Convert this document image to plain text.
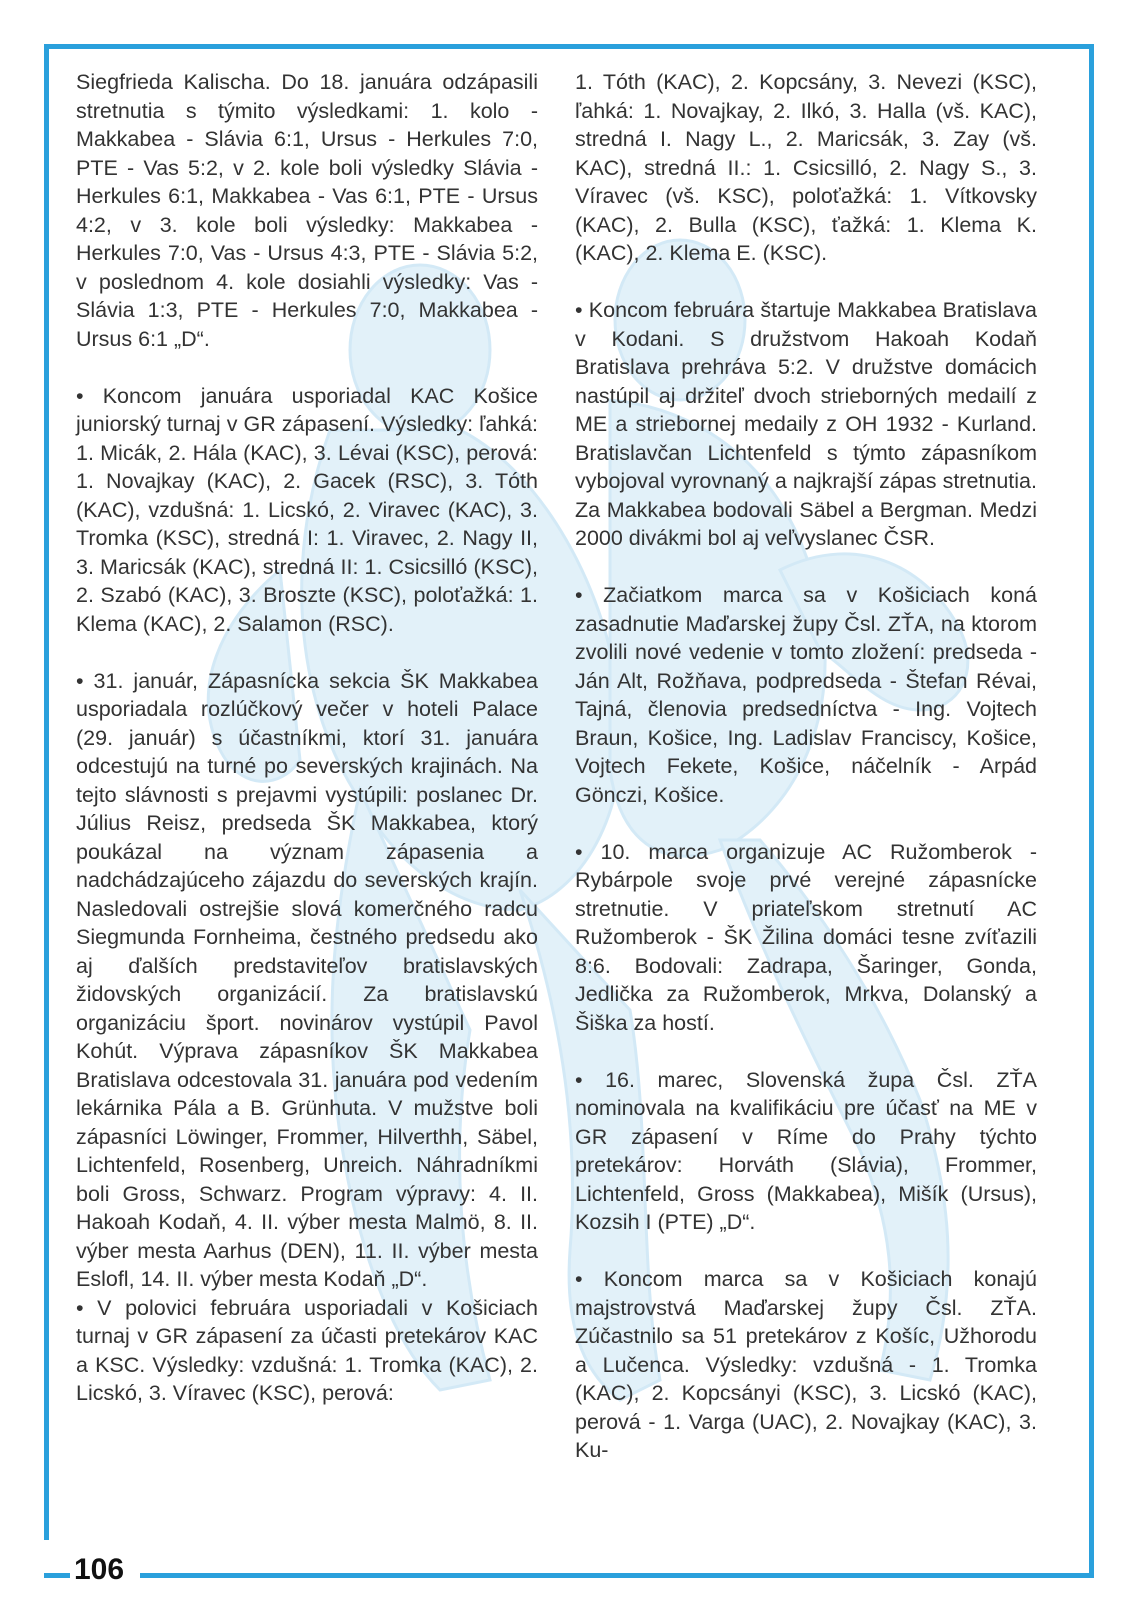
Siegfrieda Kalischa. Do 18. januára odzápasili stretnutia s týmito výsledkami: 1. kolo - Makkabea - Slávia 6:1, Ursus - Herkules 7:0, PTE - Vas 5:2, v 2. kole boli výsledky Slávia - Herkules 6:1, Makkabea - Vas 6:1, PTE - Ursus 4:2, v 3. kole boli výsledky: Makkabea - Herkules 7:0, Vas - Ursus 4:3, PTE - Slávia 5:2, v poslednom 4. kole dosiahli výsledky: Vas - Slávia 1:3, PTE - Herkules 7:0, Makkabea - Ursus 6:1 „D“.

• Koncom januára usporiadal KAC Košice juniorský turnaj v GR zápasení. Výsledky: ľahká: 1. Micák, 2. Hála (KAC), 3. Lévai (KSC), perová: 1. Novajkay (KAC), 2. Gacek (RSC), 3. Tóth (KAC), vzdušná: 1. Licskó, 2. Viravec (KAC), 3. Tromka (KSC), stredná I: 1. Viravec, 2. Nagy II, 3. Maricsák (KAC), stredná II: 1. Csicsilló (KSC), 2. Szabó (KAC), 3. Broszte (KSC), poloťažká: 1. Klema (KAC), 2. Salamon (RSC).

• 31. január, Zápasnícka sekcia ŠK Makkabea usporiadala rozlúčkový večer v hoteli Palace (29. január) s účastníkmi, ktorí 31. januára odcestujú na turné po severských krajinách. Na tejto slávnosti s prejavmi vystúpili: poslanec Dr. Július Reisz, predseda ŠK Makkabea, ktorý poukázal na význam zápasenia a nadchádzajúceho zájazdu do severských krajín. Nasledovali ostrejšie slová komerčného radcu Siegmunda Fornheima, čestného predsedu ako aj ďalších predstaviteľov bratislavských židovských organizácií. Za bratislavskú organizáciu šport. novinárov vystúpil Pavol Kohút. Výprava zápasníkov ŠK Makkabea Bratislava odcestovala 31. januára pod vedením lekárnika Pála a B. Grünhuta. V mužstve boli zápasníci Löwinger, Frommer, Hilverthh, Säbel, Lichtenfeld, Rosenberg, Unreich. Náhradníkmi boli Gross, Schwarz. Program výpravy: 4. II. Hakoah Kodaň, 4. II. výber mesta Malmö, 8. II. výber mesta Aarhus (DEN), 11. II. výber mesta Eslofl, 14. II. výber mesta Kodaň „D“.

• V polovici februára usporiadali v Košiciach turnaj v GR zápasení za účasti pretekárov KAC a KSC. Výsledky: vzdušná: 1. Tromka (KAC), 2. Licskó, 3. Víravec (KSC), perová:

1. Tóth (KAC), 2. Kopcsány, 3. Nevezi (KSC), ľahká: 1. Novajkay, 2. Ilkó, 3. Halla (vš. KAC), stredná I. Nagy L., 2. Maricsák, 3. Zay (vš. KAC), stredná II.: 1. Csicsilló, 2. Nagy S., 3. Víravec (vš. KSC), poloťažká: 1. Vítkovsky (KAC), 2. Bulla (KSC), ťažká: 1. Klema K. (KAC), 2. Klema E. (KSC).

• Koncom februára štartuje Makkabea Bratislava v Kodani. S družstvom Hakoah Kodaň Bratislava prehráva 5:2. V družstve domácich nastúpil aj držiteľ dvoch strieborných medailí z ME a striebornej medaily z OH 1932 - Kurland. Bratislavčan Lichtenfeld s týmto zápasníkom vybojoval vyrovnaný a najkrajší zápas stretnutia. Za Makkabea bodovali Säbel a Bergman. Medzi 2000 divákmi bol aj veľvyslanec ČSR.

• Začiatkom marca sa v Košiciach koná zasadnutie Maďarskej župy Čsl. ZŤA, na ktorom zvolili nové vedenie v tomto zložení: predseda - Ján Alt, Rožňava, podpredseda - Štefan Révai, Tajná, členovia predsedníctva - Ing. Vojtech Braun, Košice, Ing. Ladislav Franciscy, Košice, Vojtech Fekete, Košice, náčelník - Arpád Gönczi, Košice.

• 10. marca organizuje AC Ružomberok - Rybárpole svoje prvé verejné zápasnícke stretnutie. V priateľskom stretnutí AC Ružomberok - ŠK Žilina domáci tesne zvíťazili 8:6. Bodovali: Zadrapa, Šaringer, Gonda, Jedlička za Ružomberok, Mrkva, Dolanský a Šiška za hostí.

• 16. marec, Slovenská župa Čsl. ZŤA nominovala na kvalifikáciu pre účasť na ME v GR zápasení v Ríme do Prahy týchto pretekárov: Horváth (Slávia), Frommer, Lichtenfeld, Gross (Makkabea), Mišík (Ursus), Kozsih I (PTE) „D“.

• Koncom marca sa v Košiciach konajú majstrovstvá Maďarskej župy Čsl. ZŤA. Zúčastnilo sa 51 pretekárov z Košíc, Užhorodu a Lučenca. Výsledky: vzdušná - 1. Tromka (KAC), 2. Kopcsányi (KSC), 3. Licskó (KAC), perová - 1. Varga (UAC), 2. Novajkay (KAC), 3. Ku-

106
